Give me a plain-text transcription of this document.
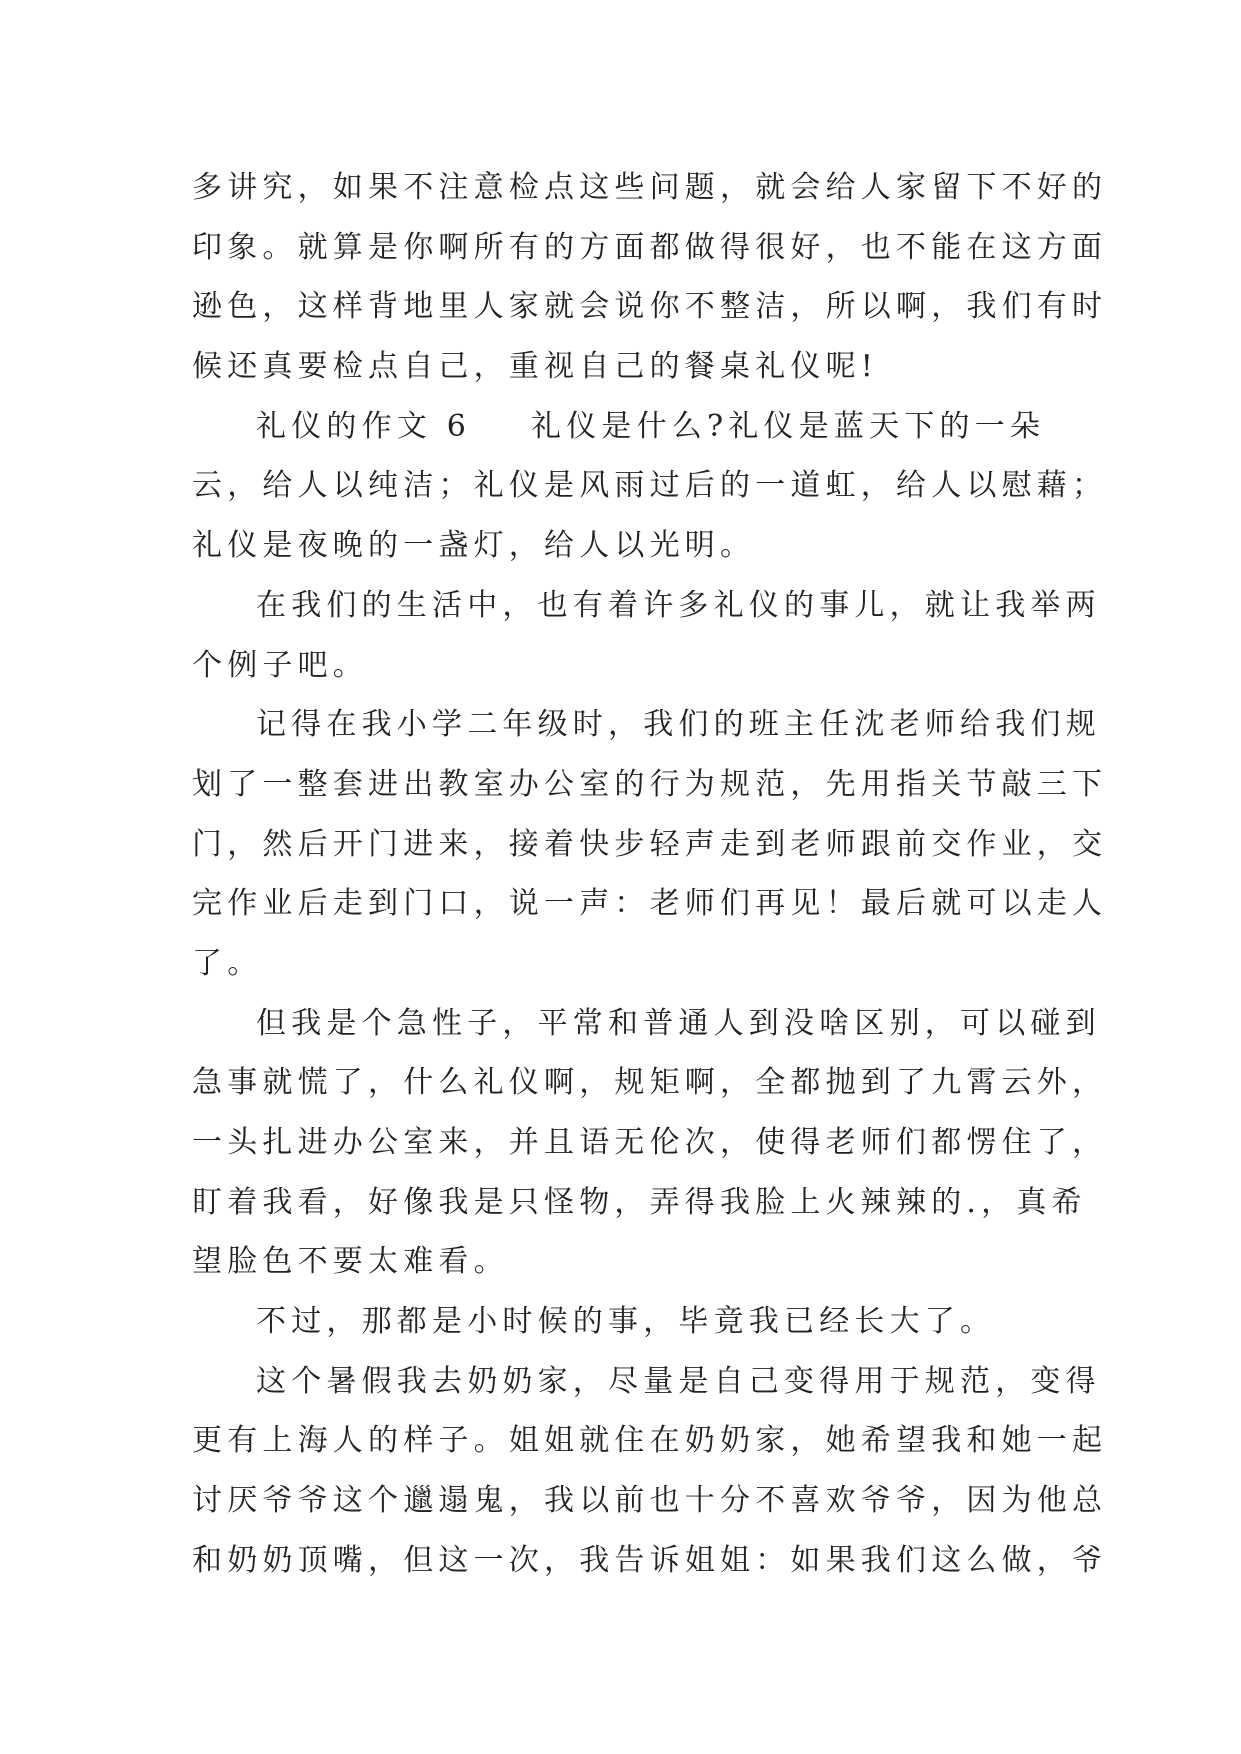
多讲究，如果不注意检点这些问题，就会给人家留下不好的
印象。就算是你啊所有的方面都做得很好，也不能在这方面
逊色，这样背地里人家就会说你不整洁，所以啊，我们有时
候还真要检点自己，重视自己的餐桌礼仪呢!
礼仪的作文 6 礼仪是什么?礼仪是蓝天下的一朵
云，给人以纯洁；礼仪是风雨过后的一道虹，给人以慰藉；
礼仪是夜晚的一盏灯，给人以光明。
在我们的生活中，也有着许多礼仪的事儿，就让我举两
个例子吧。
记得在我小学二年级时，我们的班主任沈老师给我们规
划了一整套进出教室办公室的行为规范，先用指关节敲三下
门，然后开门进来，接着快步轻声走到老师跟前交作业，交
完作业后走到门口，说一声：老师们再见！最后就可以走人
了。
但我是个急性子，平常和普通人到没啥区别，可以碰到
急事就慌了，什么礼仪啊，规矩啊，全都抛到了九霄云外，
一头扎进办公室来，并且语无伦次，使得老师们都愣住了，
盯着我看，好像我是只怪物，弄得我脸上火辣辣的.，真希
望脸色不要太难看。
不过，那都是小时候的事，毕竟我已经长大了。
这个暑假我去奶奶家，尽量是自己变得用于规范，变得
更有上海人的样子。姐姐就住在奶奶家，她希望我和她一起
讨厌爷爷这个邋遢鬼，我以前也十分不喜欢爷爷，因为他总
和奶奶顶嘴，但这一次，我告诉姐姐：如果我们这么做，爷
